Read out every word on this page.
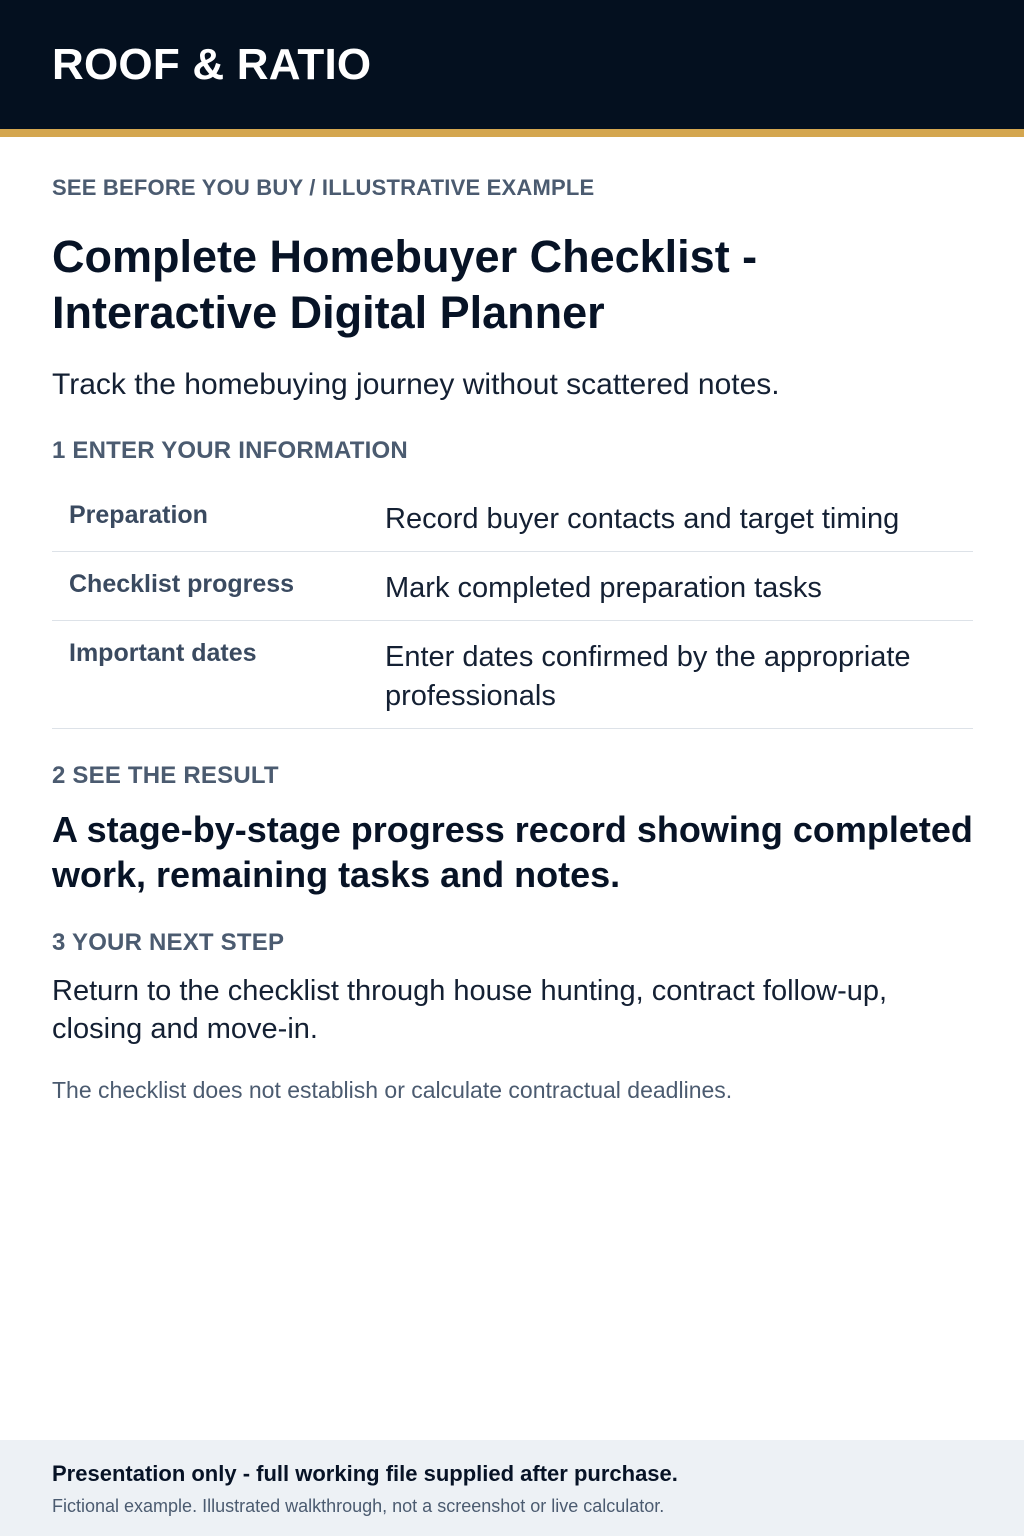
ROOF & RATIO

SEE BEFORE YOU BUY / ILLUSTRATIVE EXAMPLE

Complete Homebuyer Checklist - Interactive Digital Planner

Track the homebuying journey without scattered notes.

1 ENTER YOUR INFORMATION
Preparation	Record buyer contacts and target timing
Checklist progress	Mark completed preparation tasks
Important dates	Enter dates confirmed by the appropriate professionals
2 SEE THE RESULT

A stage-by-stage progress record showing completed work, remaining tasks and notes.

3 YOUR NEXT STEP

Return to the checklist through house hunting, contract follow-up, closing and move-in.

The checklist does not establish or calculate contractual deadlines.

Presentation only - full working file supplied after purchase.

Fictional example. Illustrated walkthrough, not a screenshot or live calculator.
